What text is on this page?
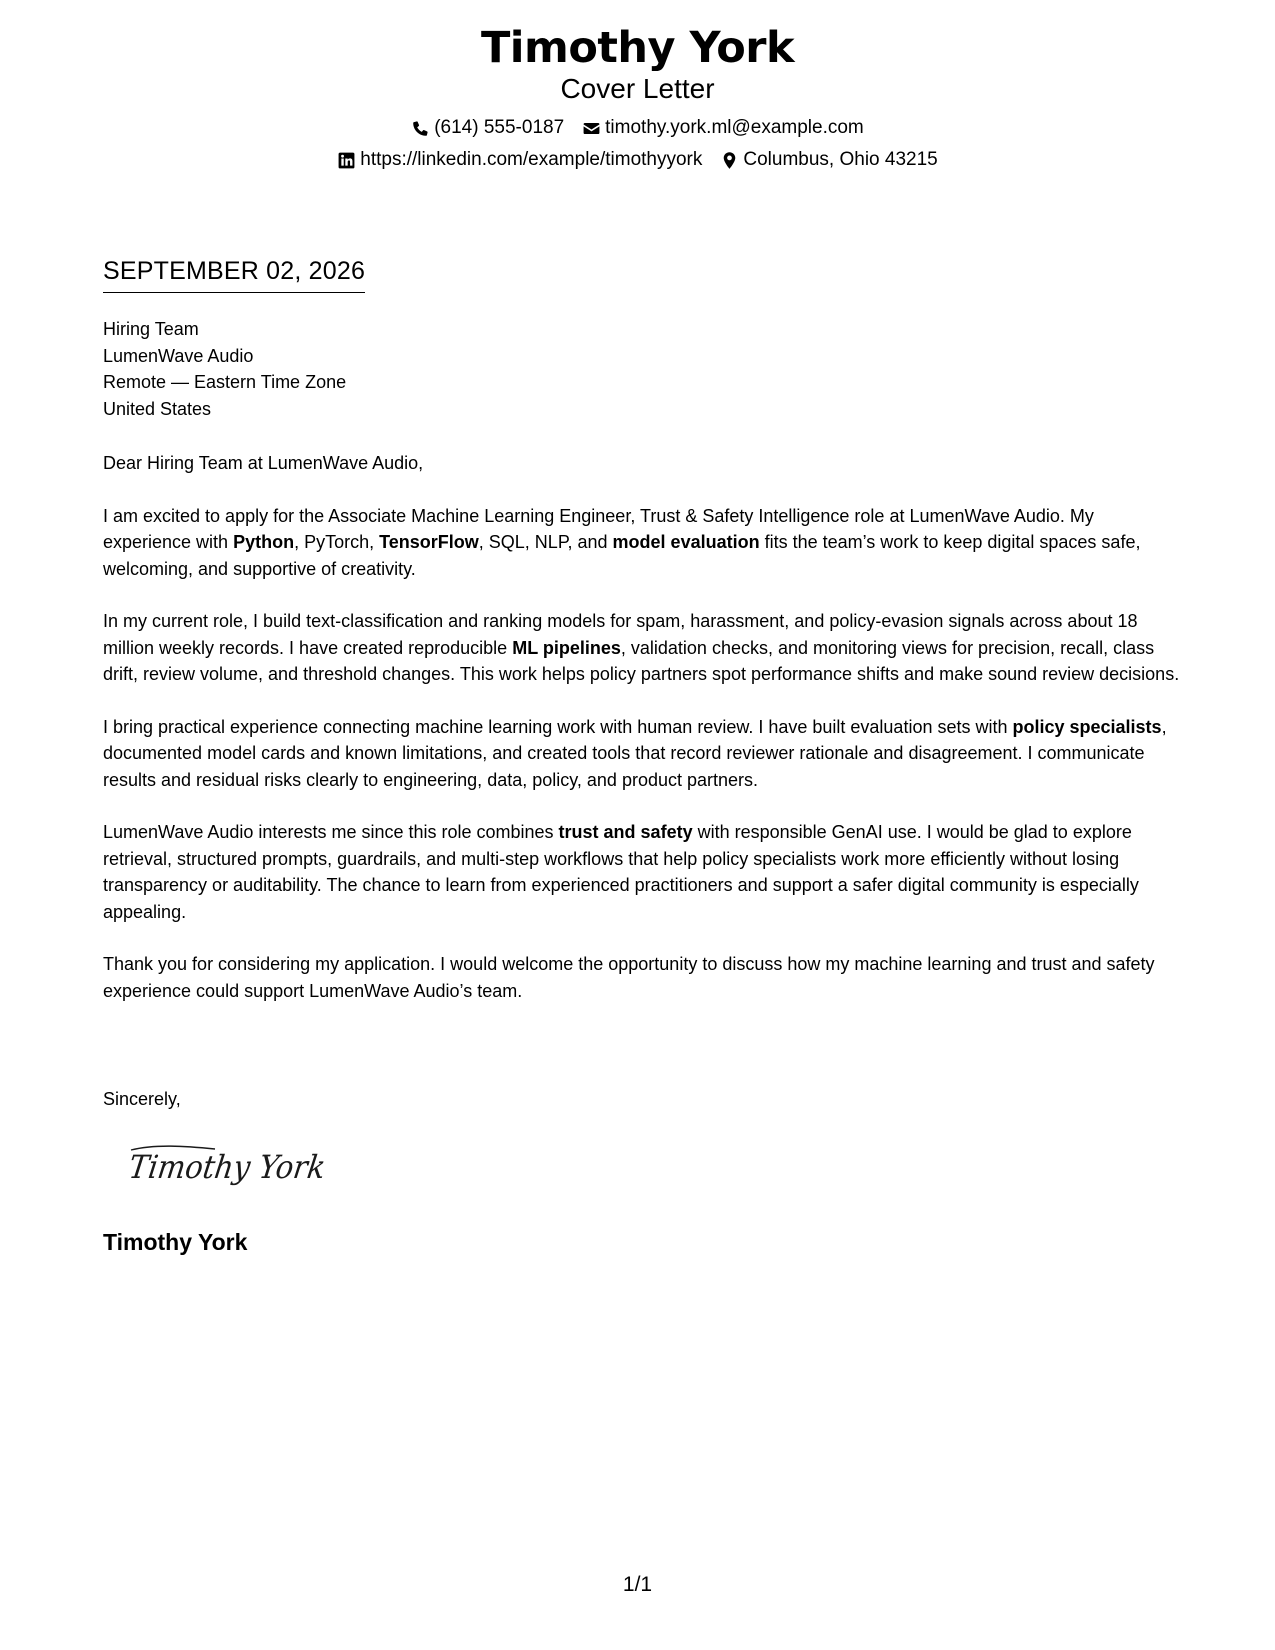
Timothy York
Cover Letter
(614) 555-0187 timothy.york.ml@example.com
https://linkedin.com/example/timothyyork Columbus, Ohio 43215
SEPTEMBER 02, 2026
Hiring Team
LumenWave Audio
Remote — Eastern Time Zone
United States

Dear Hiring Team at LumenWave Audio,

I am excited to apply for the Associate Machine Learning Engineer, Trust & Safety Intelligence role at LumenWave Audio. My experience with Python, PyTorch, TensorFlow, SQL, NLP, and model evaluation fits the team’s work to keep digital spaces safe, welcoming, and supportive of creativity.

In my current role, I build text-classification and ranking models for spam, harassment, and policy-evasion signals across about 18 million weekly records. I have created reproducible ML pipelines, validation checks, and monitoring views for precision, recall, class drift, review volume, and threshold changes. This work helps policy partners spot performance shifts and make sound review decisions.

I bring practical experience connecting machine learning work with human review. I have built evaluation sets with policy specialists, documented model cards and known limitations, and created tools that record reviewer rationale and disagreement. I communicate results and residual risks clearly to engineering, data, policy, and product partners.

LumenWave Audio interests me since this role combines trust and safety with responsible GenAI use. I would be glad to explore retrieval, structured prompts, guardrails, and multi-step workflows that help policy specialists work more efficiently without losing transparency or auditability. The chance to learn from experienced practitioners and support a safer digital community is especially appealing.

Thank you for considering my application. I would welcome the opportunity to discuss how my machine learning and trust and safety experience could support LumenWave Audio’s team.

Sincerely,
Timothy York
Timothy York
1/1
